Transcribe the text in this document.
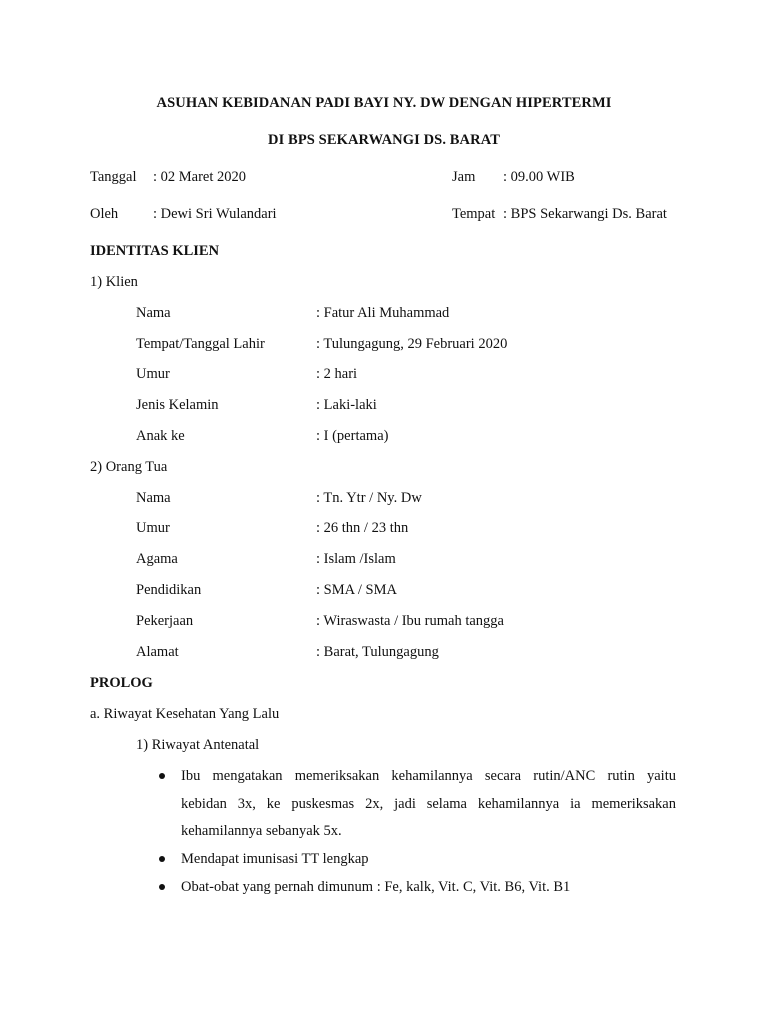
ASUHAN KEBIDANAN PADI BAYI NY. DW DENGAN HIPERTERMI
DI BPS SEKARWANGI DS. BARAT
Tanggal : 02 Maret 2020	Jam : 09.00 WIB
Oleh : Dewi Sri Wulandari	Tempat : BPS Sekarwangi Ds. Barat
IDENTITAS KLIEN
1) Klien
Nama	: Fatur Ali Muhammad
Tempat/Tanggal Lahir	: Tulungagung, 29 Februari 2020
Umur	: 2 hari
Jenis Kelamin	: Laki-laki
Anak ke	: I (pertama)
2) Orang Tua
Nama	: Tn. Ytr / Ny. Dw
Umur	: 26 thn / 23 thn
Agama	: Islam /Islam
Pendidikan	: SMA / SMA
Pekerjaan	: Wiraswasta / Ibu rumah tangga
Alamat	: Barat, Tulungagung
PROLOG
a. Riwayat Kesehatan Yang Lalu
1) Riwayat Antenatal
Ibu mengatakan memeriksakan kehamilannya secara rutin/ANC rutin yaitu
kebidan 3x, ke puskesmas 2x, jadi selama kehamilannya ia memeriksakan
kehamilannya sebanyak 5x.
Mendapat imunisasi TT lengkap
Obat-obat yang pernah dimunum : Fe, kalk, Vit. C, Vit. B6, Vit. B1
